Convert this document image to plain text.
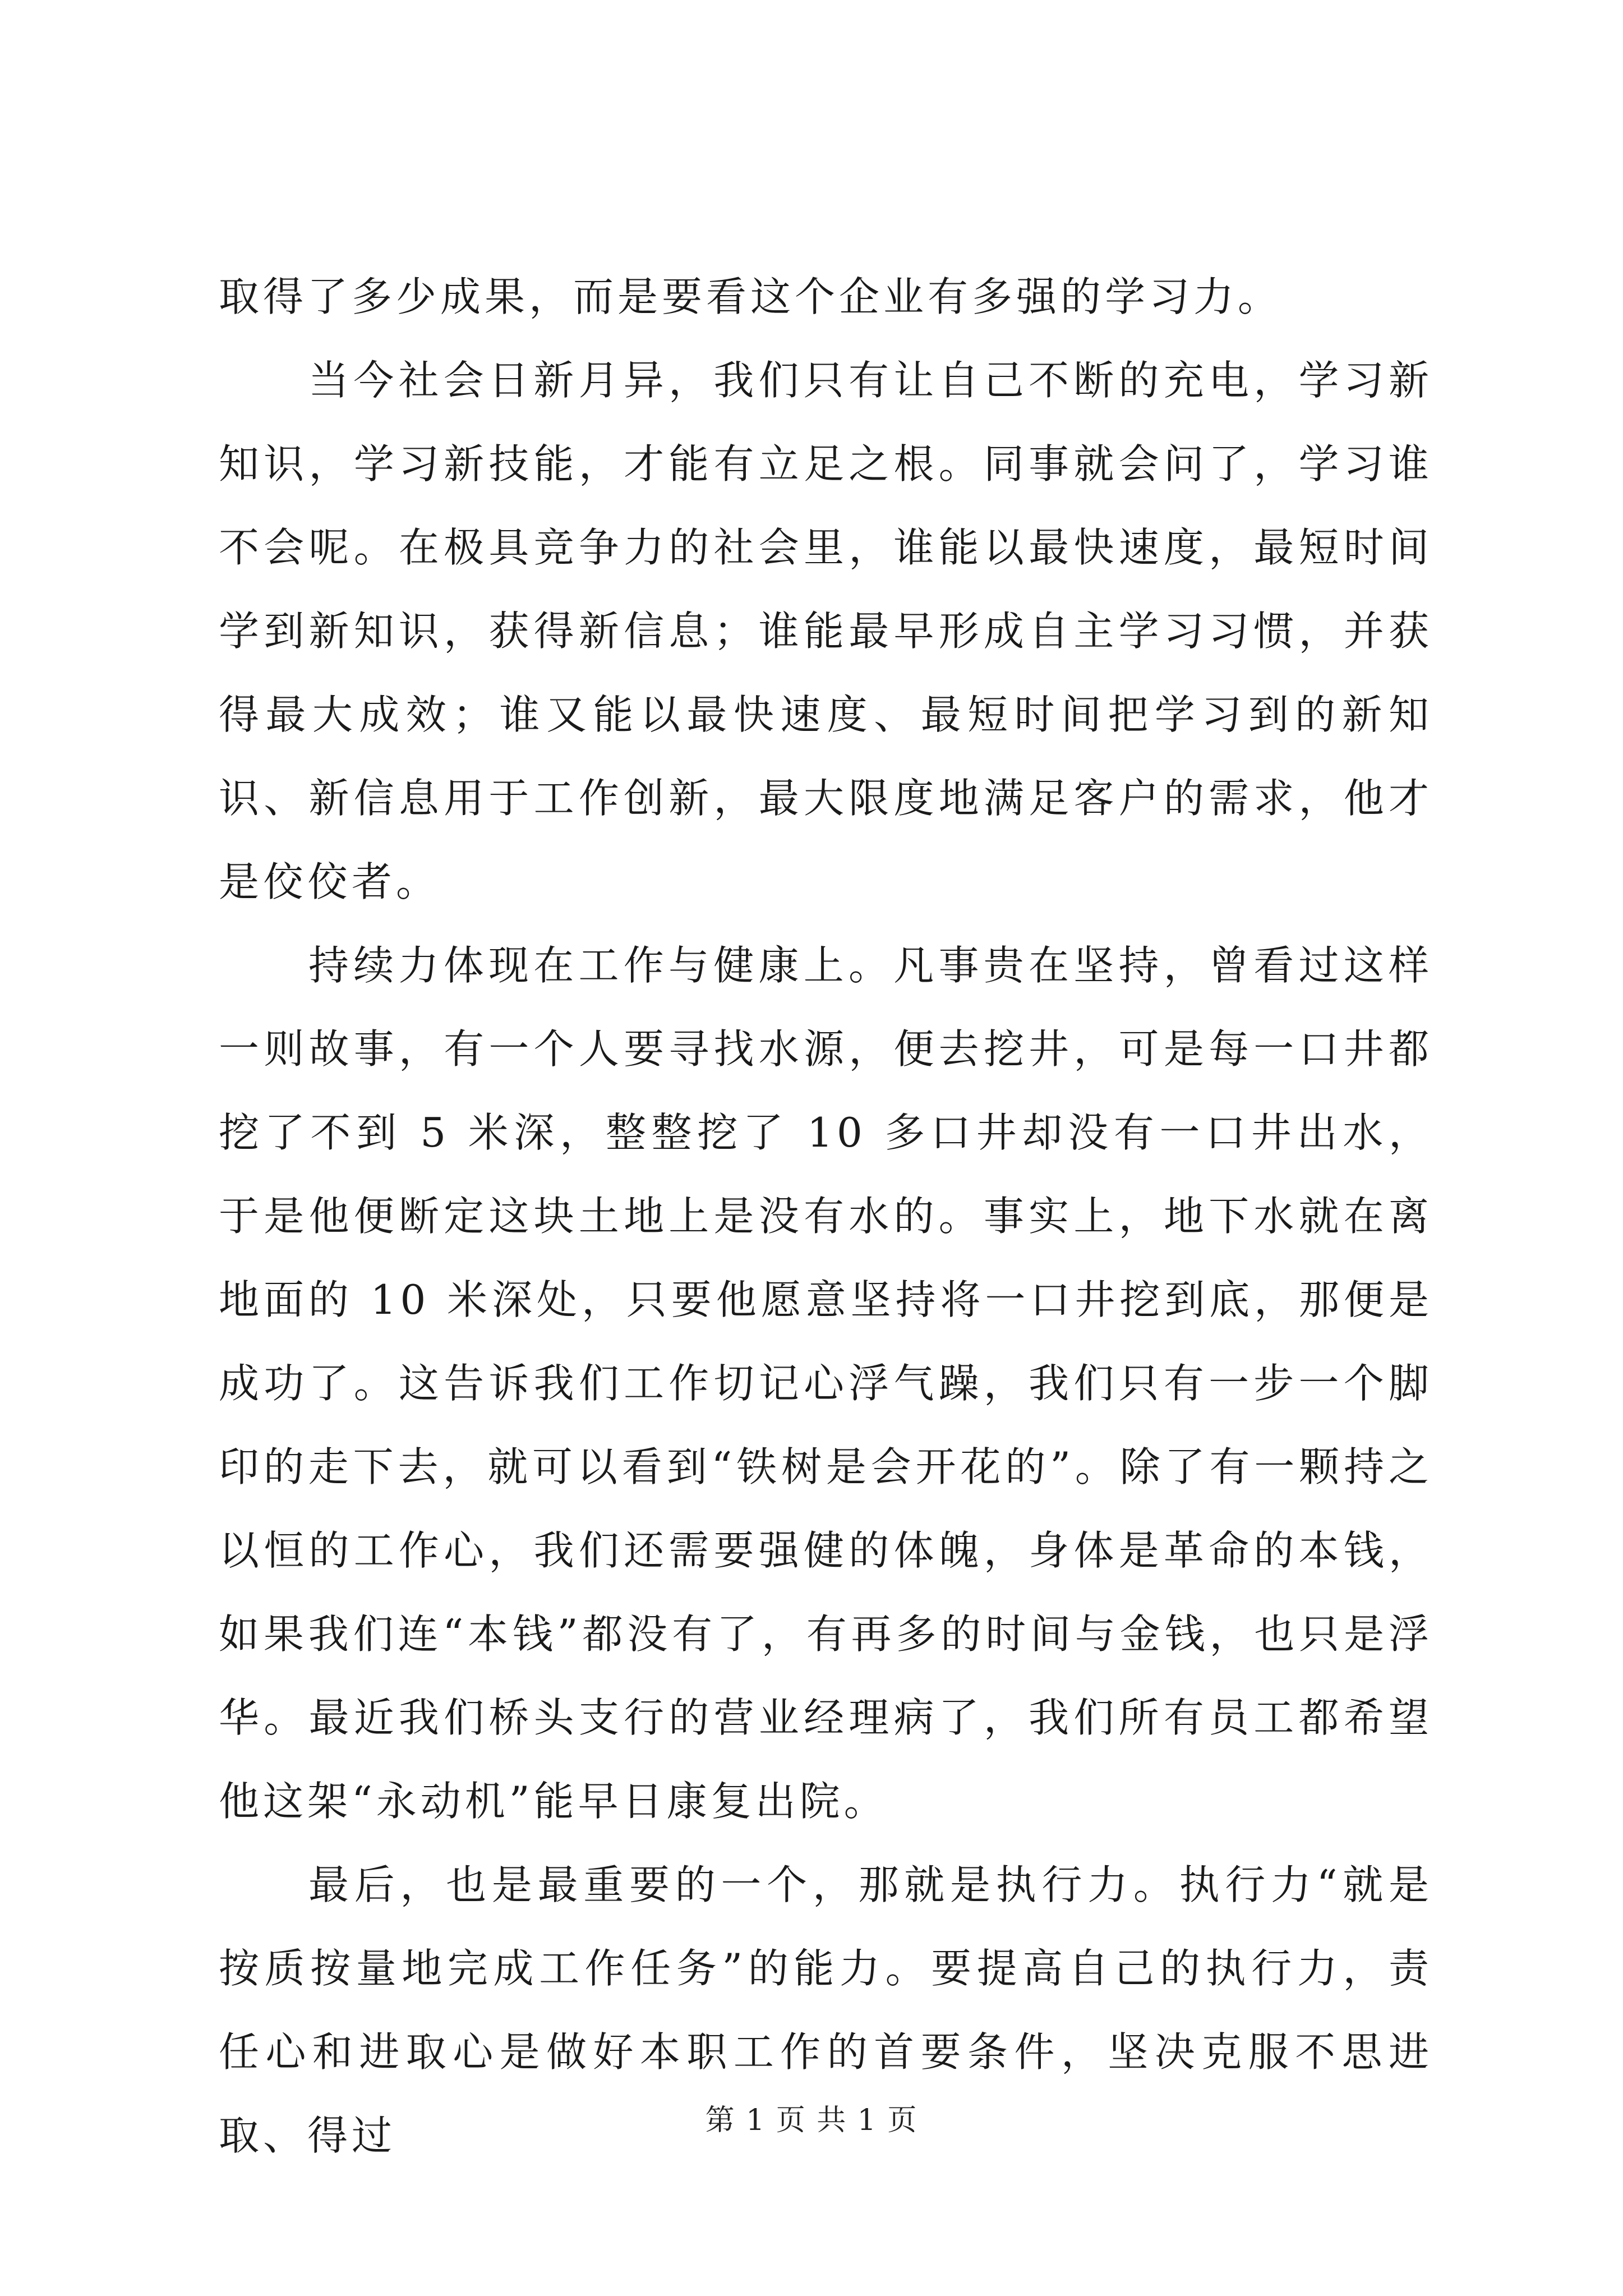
取得了多少成果，而是要看这个企业有多强的学习力。

当今社会日新月异，我们只有让自己不断的充电，学习新知识，学习新技能，才能有立足之根。同事就会问了，学习谁不会呢。在极具竞争力的社会里，谁能以最快速度，最短时间学到新知识，获得新信息；谁能最早形成自主学习习惯，并获得最大成效；谁又能以最快速度、最短时间把学习到的新知识、新信息用于工作创新，最大限度地满足客户的需求，他才是佼佼者。

持续力体现在工作与健康上。凡事贵在坚持，曾看过这样一则故事，有一个人要寻找水源，便去挖井，可是每一口井都挖了不到 5 米深，整整挖了 10 多口井却没有一口井出水，于是他便断定这块土地上是没有水的。事实上，地下水就在离地面的 10 米深处，只要他愿意坚持将一口井挖到底，那便是成功了。这告诉我们工作切记心浮气躁，我们只有一步一个脚印的走下去，就可以看到“铁树是会开花的”。除了有一颗持之以恒的工作心，我们还需要强健的体魄，身体是革命的本钱，如果我们连“本钱”都没有了，有再多的时间与金钱，也只是浮华。最近我们桥头支行的营业经理病了，我们所有员工都希望他这架“永动机”能早日康复出院。

最后，也是最重要的一个，那就是执行力。执行力“就是按质按量地完成工作任务”的能力。要提高自己的执行力，责任心和进取心是做好本职工作的首要条件，坚决克服不思进取、得过	第 1 页 共 1 页
